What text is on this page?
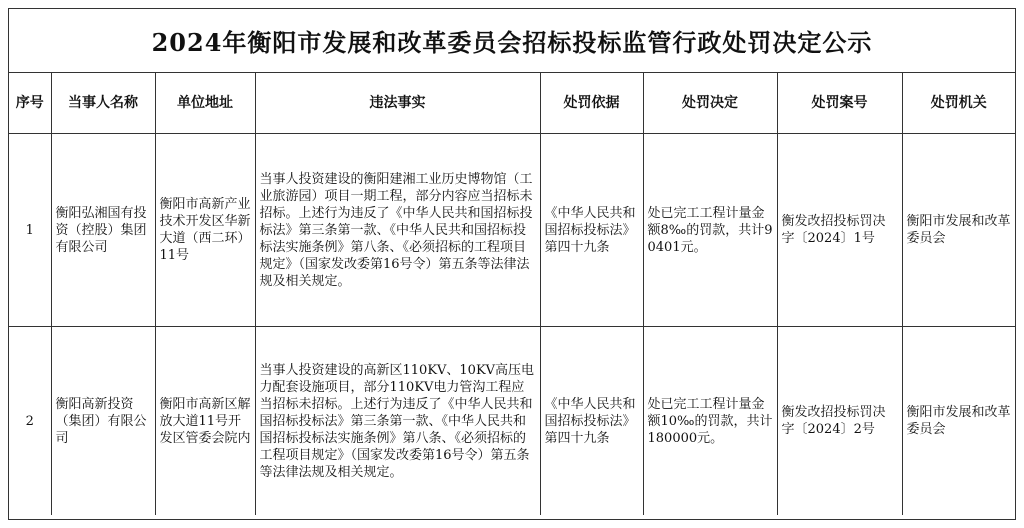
2024年衡阳市发展和改革委员会招标投标监管行政处罚决定公示
序号	当事人名称	单位地址	违法事实	处罚依据	处罚决定	处罚案号	处罚机关
1	衡阳弘湘国有投资（控股）集团有限公司	衡阳市高新产业技术开发区华新大道（西二环）11号	当事人投资建设的衡阳建湘工业历史博物馆（工业旅游园）项目一期工程，部分内容应当招标未招标。上述行为违反了《中华人民共和国招标投标法》第三条第一款、《中华人民共和国招标投标法实施条例》第八条、《必须招标的工程项目规定》（国家发改委第16号令）第五条等法律法规及相关规定。	《中华人民共和国招标投标法》第四十九条	处已完工工程计量金额8‰的罚款，共计90401元。	衡发改招投标罚决字〔2024〕1号	衡阳市发展和改革委员会
2	衡阳高新投资（集团）有限公司	衡阳市高新区解放大道11号开发区管委会院内	当事人投资建设的高新区110KV、10KV高压电力配套设施项目，部分110KV电力管沟工程应当招标未招标。上述行为违反了《中华人民共和国招标投标法》第三条第一款、《中华人民共和国招标投标法实施条例》第八条、《必须招标的工程项目规定》（国家发改委第16号令）第五条等法律法规及相关规定。	《中华人民共和国招标投标法》第四十九条	处已完工工程计量金额10‰的罚款，共计180000元。	衡发改招投标罚决字〔2024〕2号	衡阳市发展和改革委员会
